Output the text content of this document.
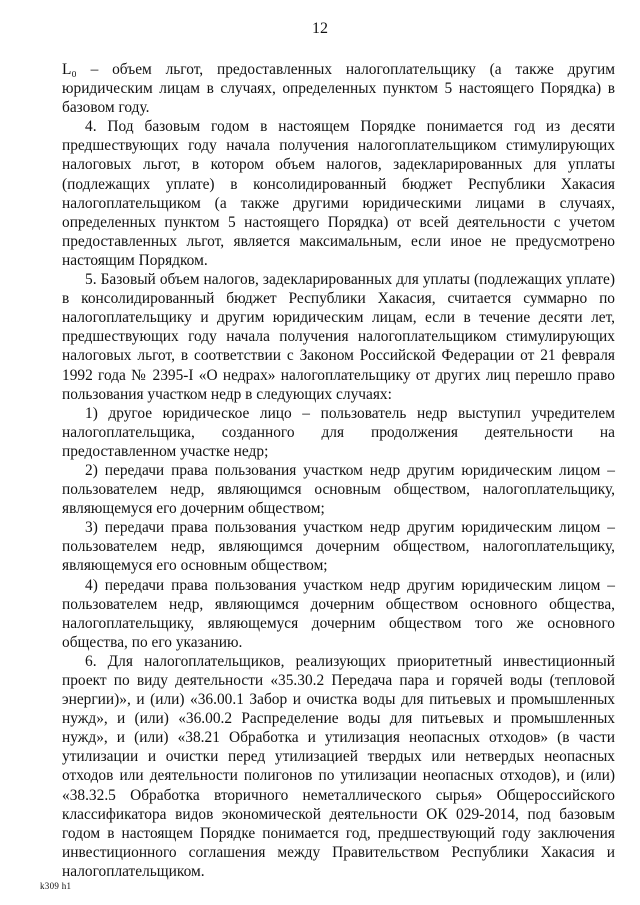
12

L₀ – объем льгот, предоставленных налогоплательщику (а также другим юридическим лицам в случаях, определенных пунктом 5 настоящего Порядка) в базовом году.

4. Под базовым годом в настоящем Порядке понимается год из десяти предшествующих году начала получения налогоплательщиком стимулирующих налоговых льгот, в котором объем налогов, задекларированных для уплаты (подлежащих уплате) в консолидированный бюджет Республики Хакасия налогоплательщиком (а также другими юридическими лицами в случаях, определенных пунктом 5 настоящего Порядка) от всей деятельности с учетом предоставленных льгот, является максимальным, если иное не предусмотрено настоящим Порядком.

5. Базовый объем налогов, задекларированных для уплаты (подлежащих уплате) в консолидированный бюджет Республики Хакасия, считается суммарно по налогоплательщику и другим юридическим лицам, если в течение десяти лет, предшествующих году начала получения налогоплательщиком стимулирующих налоговых льгот, в соответствии с Законом Российской Федерации от 21 февраля 1992 года № 2395-I «О недрах» налогоплательщику от других лиц перешло право пользования участком недр в следующих случаях:

1) другое юридическое лицо – пользователь недр выступил учредителем налогоплательщика, созданного для продолжения деятельности на предоставленном участке недр;

2) передачи права пользования участком недр другим юридическим лицом – пользователем недр, являющимся основным обществом, налогоплательщику, являющемуся его дочерним обществом;

3) передачи права пользования участком недр другим юридическим лицом – пользователем недр, являющимся дочерним обществом, налогоплательщику, являющемуся его основным обществом;

4) передачи права пользования участком недр другим юридическим лицом – пользователем недр, являющимся дочерним обществом основного общества, налогоплательщику, являющемуся дочерним обществом того же основного общества, по его указанию.

6. Для налогоплательщиков, реализующих приоритетный инвестиционный проект по виду деятельности «35.30.2 Передача пара и горячей воды (тепловой энергии)», и (или) «36.00.1 Забор и очистка воды для питьевых и промышленных нужд», и (или) «36.00.2 Распределение воды для питьевых и промышленных нужд», и (или) «38.21 Обработка и утилизация неопасных отходов» (в части утилизации и очистки перед утилизацией твердых или нетвердых неопасных отходов или деятельности полигонов по утилизации неопасных отходов), и (или) «38.32.5 Обработка вторичного неметаллического сырья» Общероссийского классификатора видов экономической деятельности ОК 029-2014, под базовым годом в настоящем Порядке понимается год, предшествующий году заключения инвестиционного соглашения между Правительством Республики Хакасия и налогоплательщиком.

k309 h1
